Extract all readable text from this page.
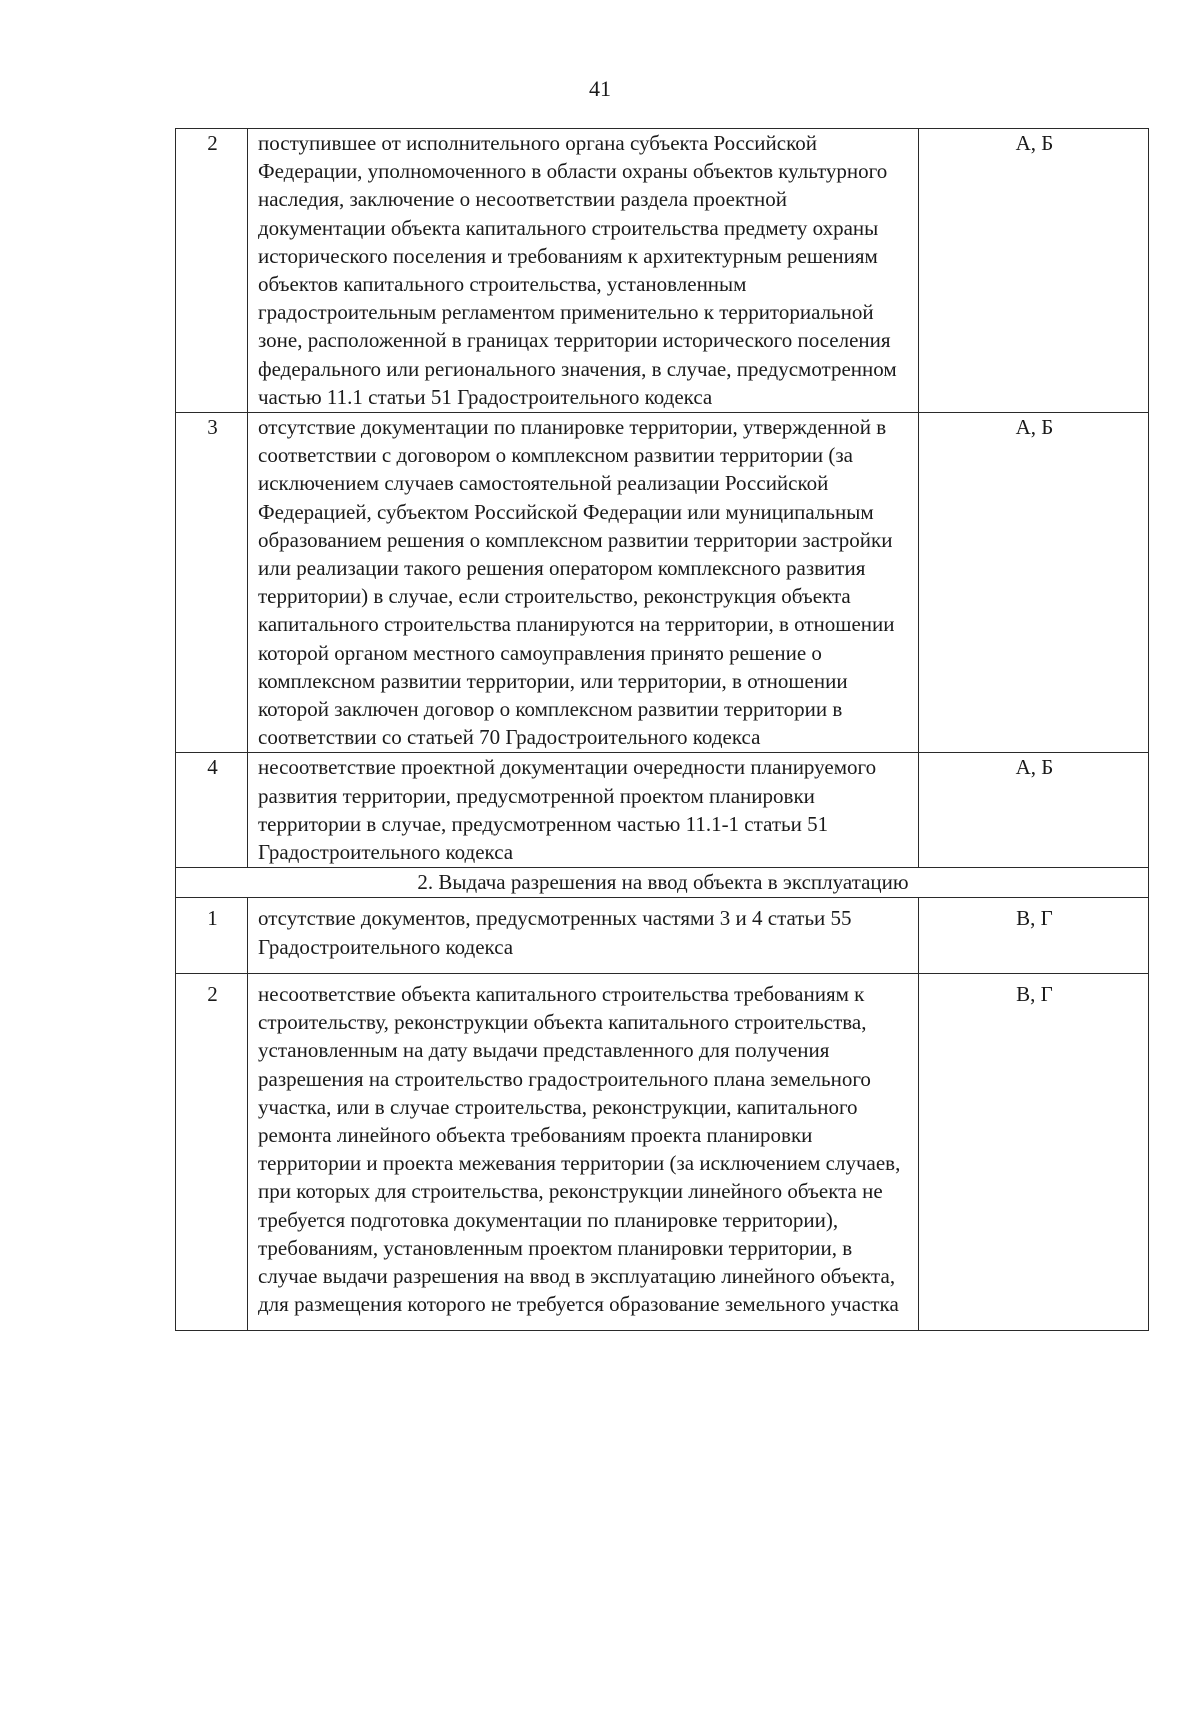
41
2	поступившее от исполнительного органа субъекта Российской Федерации, уполномоченного в области охраны объектов культурного наследия, заключение о несоответствии раздела проектной документации объекта капитального строительства предмету охраны исторического поселения и требованиям к архитектурным решениям объектов капитального строительства, установленным градостроительным регламентом применительно к территориальной зоне, расположенной в границах территории исторического поселения федерального или регионального значения, в случае, предусмотренном частью 11.1 статьи 51 Градостроительного кодекса	А, Б
3	отсутствие документации по планировке территории, утвержденной в соответствии с договором о комплексном развитии территории (за исключением случаев самостоятельной реализации Российской Федерацией, субъектом Российской Федерации или муниципальным образованием решения о комплексном развитии территории застройки или реализации такого решения оператором комплексного развития территории) в случае, если строительство, реконструкция объекта капитального строительства планируются на территории, в отношении которой органом местного самоуправления принято решение о комплексном развитии территории, или территории, в отношении которой заключен договор о комплексном развитии территории в соответствии со статьей 70 Градостроительного кодекса	А, Б
4	несоответствие проектной документации очередности планируемого развития территории, предусмотренной проектом планировки территории в случае, предусмотренном частью 11.1-1 статьи 51 Градостроительного кодекса	А, Б
2. Выдача разрешения на ввод объекта в эксплуатацию		
1	отсутствие документов, предусмотренных частями 3 и 4 статьи 55 Градостроительного кодекса	В, Г
2	несоответствие объекта капитального строительства требованиям к строительству, реконструкции объекта капитального строительства, установленным на дату выдачи представленного для получения разрешения на строительство градостроительного плана земельного участка, или в случае строительства, реконструкции, капитального ремонта линейного объекта требованиям проекта планировки территории и проекта межевания территории (за исключением случаев, при которых для строительства, реконструкции линейного объекта не требуется подготовка документации по планировке территории), требованиям, установленным проектом планировки территории, в случае выдачи разрешения на ввод в эксплуатацию линейного объекта, для размещения которого не требуется образование земельного участка	В, Г
